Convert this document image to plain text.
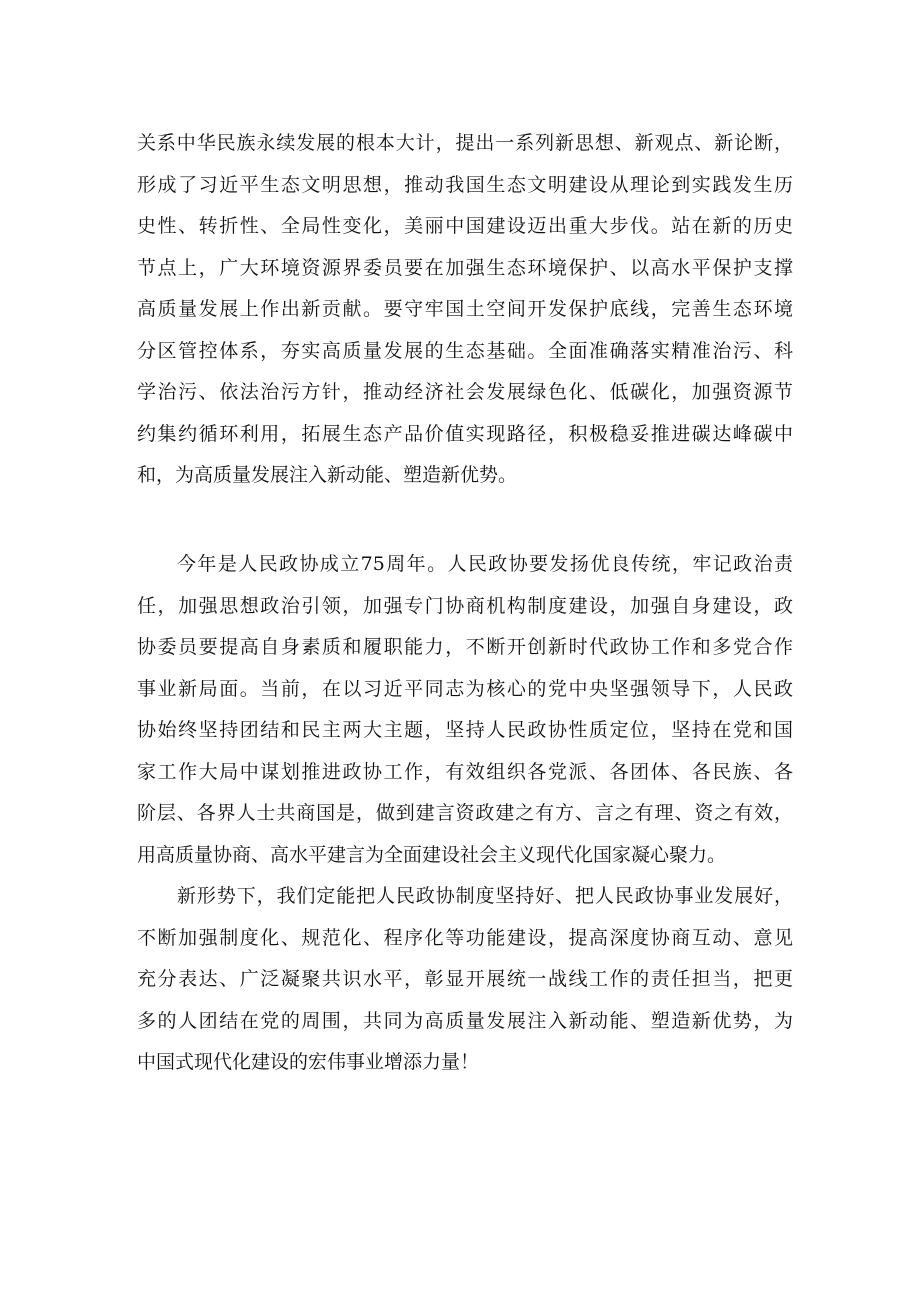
关系中华民族永续发展的根本大计，提出一系列新思想、新观点、新论断，
形成了习近平生态文明思想，推动我国生态文明建设从理论到实践发生历
史性、转折性、全局性变化，美丽中国建设迈出重大步伐。站在新的历史
节点上，广大环境资源界委员要在加强生态环境保护、以高水平保护支撑
高质量发展上作出新贡献。要守牢国土空间开发保护底线，完善生态环境
分区管控体系，夯实高质量发展的生态基础。全面准确落实精准治污、科
学治污、依法治污方针，推动经济社会发展绿色化、低碳化，加强资源节
约集约循环利用，拓展生态产品价值实现路径，积极稳妥推进碳达峰碳中
和，为高质量发展注入新动能、塑造新优势。
今年是人民政协成立75周年。人民政协要发扬优良传统，牢记政治责
任，加强思想政治引领，加强专门协商机构制度建设，加强自身建设，政
协委员要提高自身素质和履职能力，不断开创新时代政协工作和多党合作
事业新局面。当前，在以习近平同志为核心的党中央坚强领导下，人民政
协始终坚持团结和民主两大主题，坚持人民政协性质定位，坚持在党和国
家工作大局中谋划推进政协工作，有效组织各党派、各团体、各民族、各
阶层、各界人士共商国是，做到建言资政建之有方、言之有理、资之有效，
用高质量协商、高水平建言为全面建设社会主义现代化国家凝心聚力。
新形势下，我们定能把人民政协制度坚持好、把人民政协事业发展好，
不断加强制度化、规范化、程序化等功能建设，提高深度协商互动、意见
充分表达、广泛凝聚共识水平，彰显开展统一战线工作的责任担当，把更
多的人团结在党的周围，共同为高质量发展注入新动能、塑造新优势，为
中国式现代化建设的宏伟事业增添力量！
